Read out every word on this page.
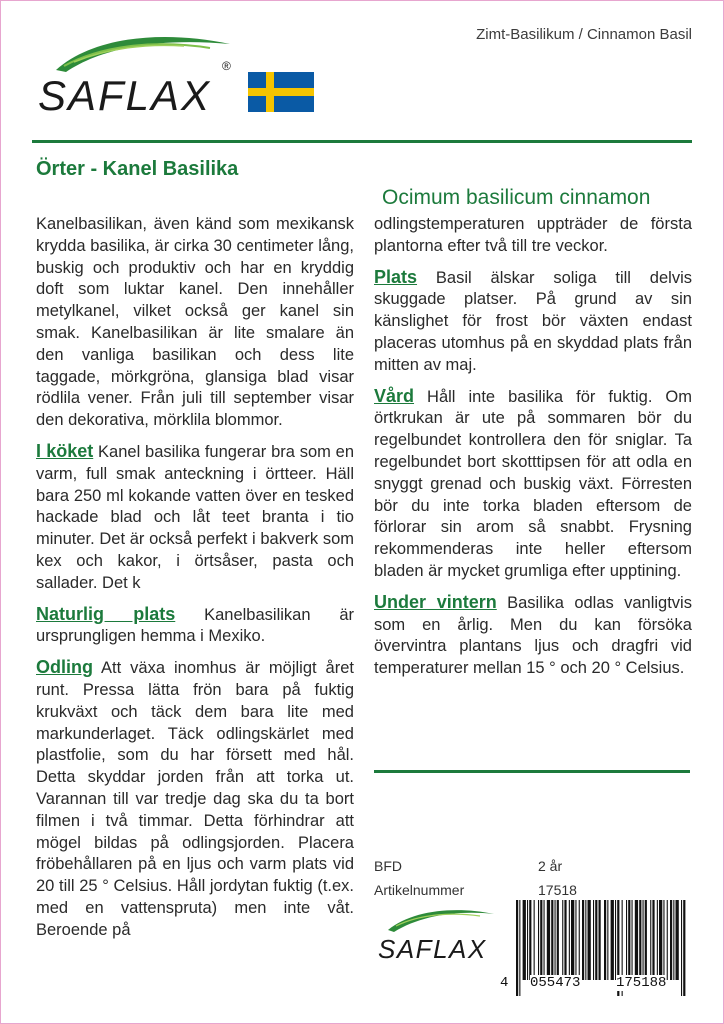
Zimt-Basilikum / Cinnamon Basil
SAFLAX
®
Örter - Kanel Basilika
Ocimum basilicum cinnamon

Kanelbasilikan, även känd som mexikansk krydda basilika, är cirka 30 centimeter lång, buskig och produktiv och har en kryddig doft som luktar kanel. Den innehåller metylkanel, vilket också ger kanel sin smak. Kanelbasilikan är lite smalare än den vanliga basilikan och dess lite taggade, mörkgröna, glansiga blad visar rödlila vener. Från juli till september visar den dekorativa, mörklila blommor.

I köket Kanel basilika fungerar bra som en varm, full smak anteckning i örtteer. Häll bara 250 ml kokande vatten över en tesked hackade blad och låt teet branta i tio minuter. Det är också perfekt i bakverk som kex och kakor, i örtsåser, pasta och sallader. Det k

Naturlig plats Kanelbasilikan är ursprungligen hemma i Mexiko.

Odling Att växa inomhus är möjligt året runt. Pressa lätta frön bara på fuktig krukväxt och täck dem bara lite med markunderlaget. Täck odlingskärlet med plastfolie, som du har försett med hål. Detta skyddar jorden från att torka ut. Varannan till var tredje dag ska du ta bort filmen i två timmar. Detta förhindrar att mögel bildas på odlingsjorden. Placera fröbehållaren på en ljus och varm plats vid 20 till 25 ° Celsius. Håll jordytan fuktig (t.ex. med en vattenspruta) men inte våt. Beroende på

odlingstemperaturen uppträder de första plantorna efter två till tre veckor.

Plats Basil älskar soliga till delvis skuggade platser. På grund av sin känslighet för frost bör växten endast placeras utomhus på en skyddad plats från mitten av maj.

Vård Håll inte basilika för fuktig. Om örtkrukan är ute på sommaren bör du regelbundet kontrollera den för sniglar. Ta regelbundet bort skotttipsen för att odla en snyggt grenad och buskig växt. Förresten bör du inte torka bladen eftersom de förlorar sin arom så snabbt. Frysning rekommenderas inte heller eftersom bladen är mycket grumliga efter upptining.

Under vintern Basilika odlas vanligtvis som en årlig. Men du kan försöka övervintra plantans ljus och dragfri vid temperaturer mellan 15 ° och 20 ° Celsius.

BFD	2 år
Artikelnummer	17518
SAFLAX
4 055473	175188
